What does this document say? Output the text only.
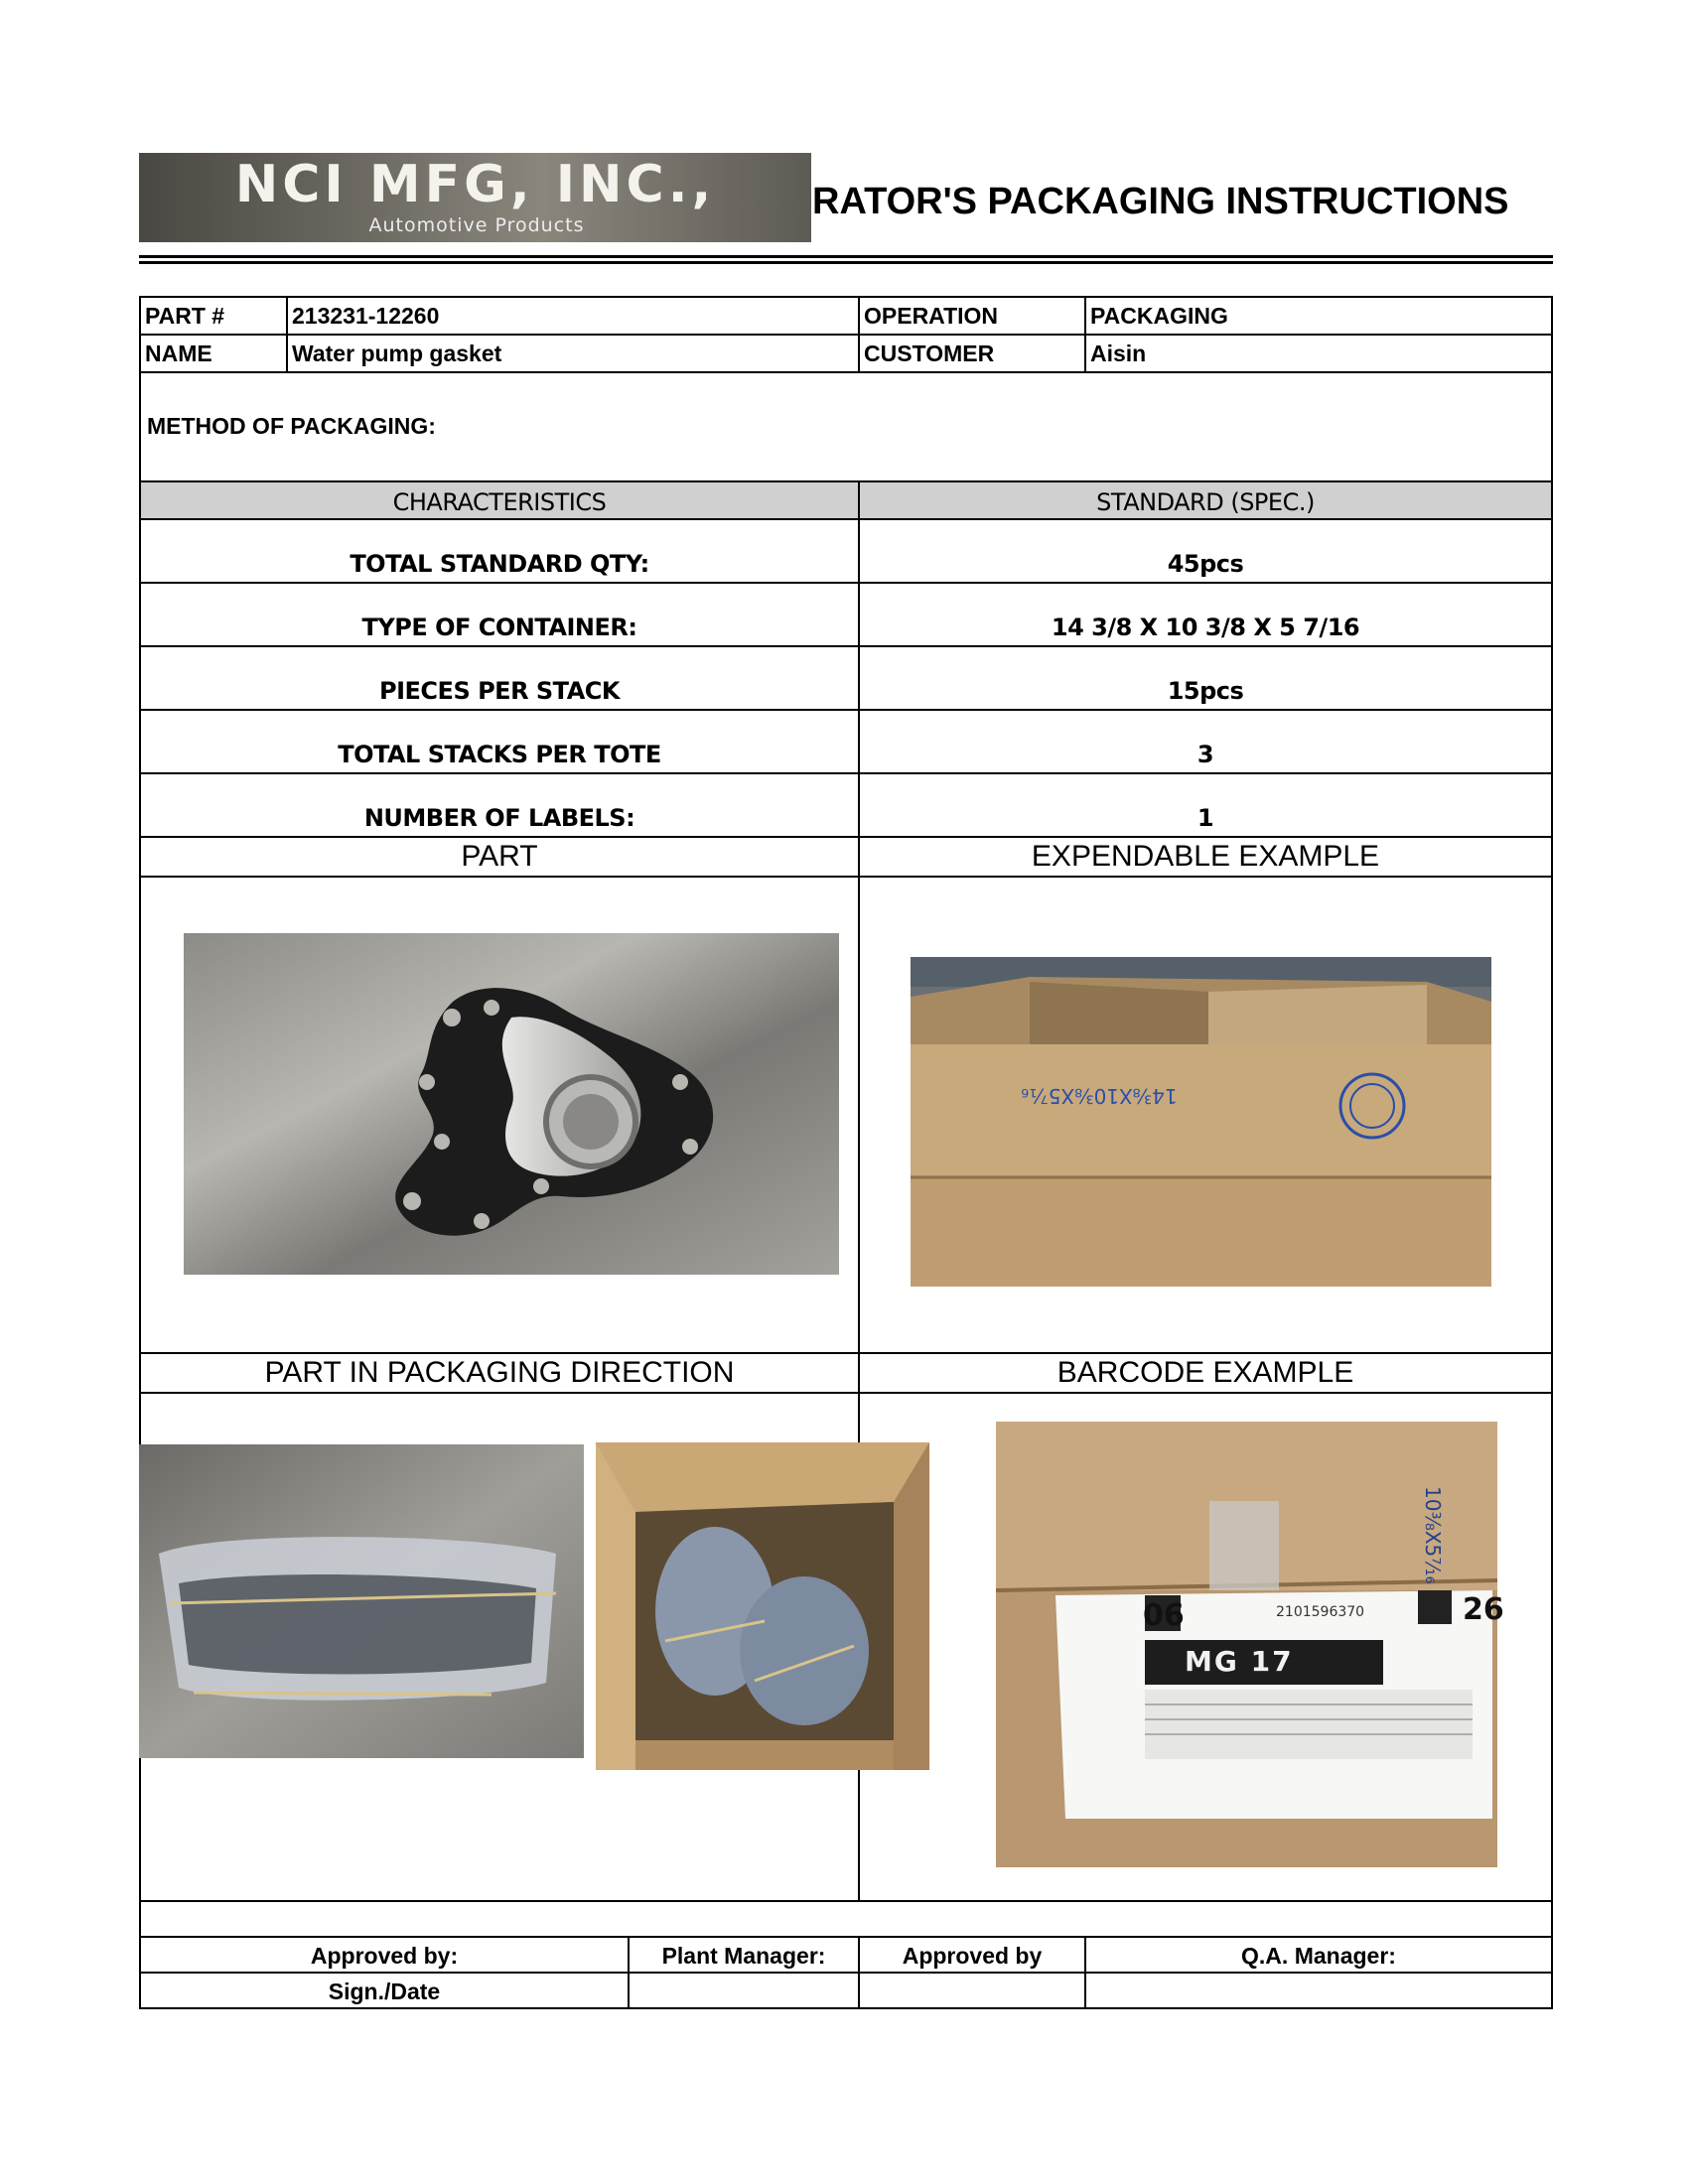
NCI MFG, INC.,
Automotive Products
RATOR'S PACKAGING INSTRUCTIONS
PART #	213231-12260	OPERATION	PACKAGING
NAME	Water pump gasket	CUSTOMER	Aisin
METHOD OF PACKAGING:
CHARACTERISTICS	STANDARD (SPEC.)
TOTAL STANDARD QTY:	45pcs
TYPE OF CONTAINER:	14 3/8 X 10 3/8 X 5 7/16
PIECES PER STACK	15pcs
TOTAL STACKS PER TOTE	3
NUMBER OF LABELS:	1
PART	EXPENDABLE EXAMPLE
14⅜X10⅜X5⁷⁄₁₆
PART IN PACKAGING DIRECTION	BARCODE EXAMPLE
06	2101596370	26
MG 17
10⅜X5⁷⁄₁₆
Approved by:	Plant Manager:	Approved by	Q.A. Manager:
Sign./Date
